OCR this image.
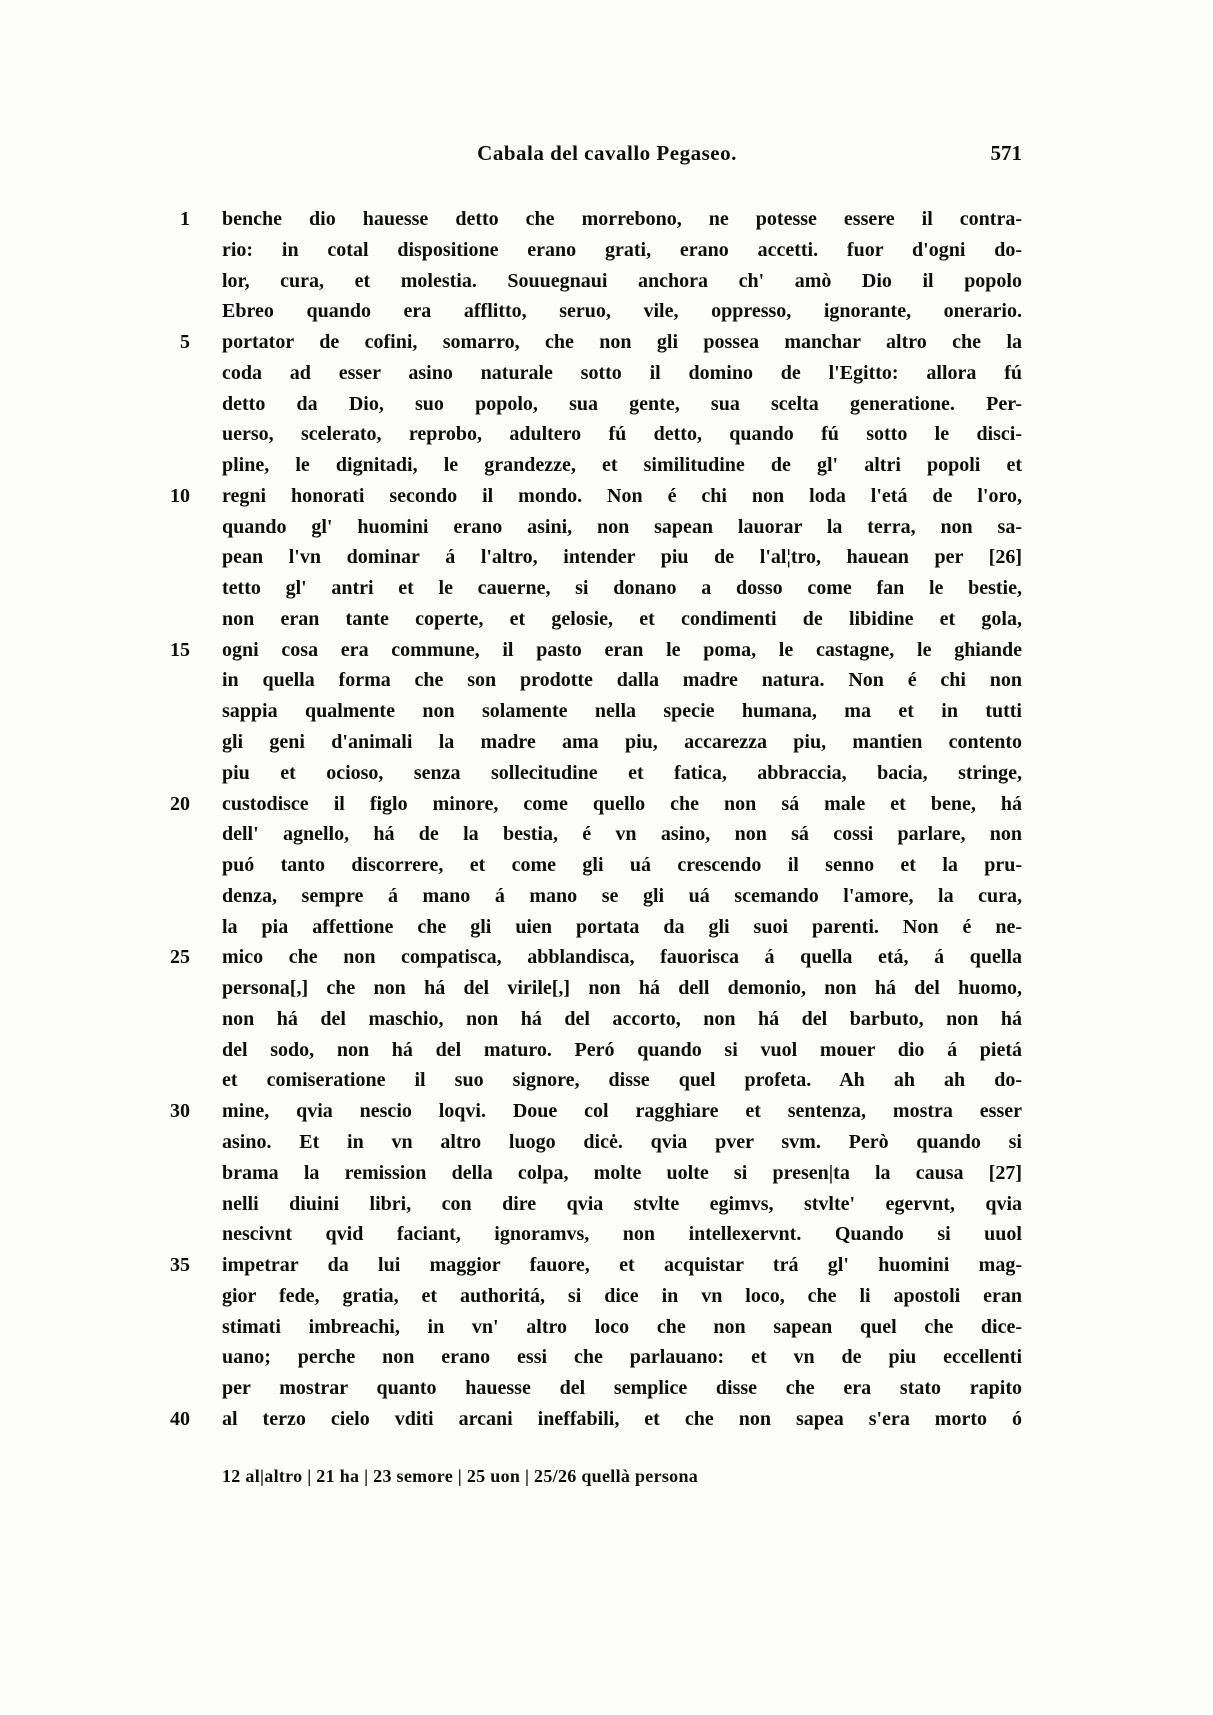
Cabala del cavallo Pegaseo.	571
1 benche dio hauesse detto che morrebono, ne potesse essere il contra-
rio: in cotal dispositione erano grati, erano accetti. fuor d'ogni do-
lor, cura, et molestia. Souuegnaui anchora ch' amò Dio il popolo
Ebreo quando era afflitto, seruo, vile, oppresso, ignorante, onerario.
5 portator de cofini, somarro, che non gli possea manchar altro che la
coda ad esser asino naturale sotto il domino de l'Egitto: allora fú
detto da Dio, suo popolo, sua gente, sua scelta generatione. Per-
uerso, scelerato, reprobo, adultero fú detto, quando fú sotto le disci-
pline, le dignitadi, le grandezze, et similitudine de gl' altri popoli et
10 regni honorati secondo il mondo. Non é chi non loda l'etá de l'oro,
quando gl' huomini erano asini, non sapean lauorar la terra, non sa-
pean l'vn dominar á l'altro, intender piu de l'al¦tro, hauean per [26]
tetto gl' antri et le cauerne, si donano a dosso come fan le bestie,
non eran tante coperte, et gelosie, et condimenti de libidine et gola,
15 ogni cosa era commune, il pasto eran le poma, le castagne, le ghiande
in quella forma che son prodotte dalla madre natura. Non é chi non
sappia qualmente non solamente nella specie humana, ma et in tutti
gli geni d'animali la madre ama piu, accarezza piu, mantien contento
piu et ocioso, senza sollecitudine et fatica, abbraccia, bacia, stringe,
20 custodisce il figlo minore, come quello che non sá male et bene, há
dell' agnello, há de la bestia, é vn asino, non sá cossi parlare, non
puó tanto discorrere, et come gli uá crescendo il senno et la pru-
denza, sempre á mano á mano se gli uá scemando l'amore, la cura,
la pia affettione che gli uien portata da gli suoi parenti. Non é ne-
25 mico che non compatisca, abblandisca, fauorisca á quella etá, á quella
persona[,] che non há del virile[,] non há dell demonio, non há del huomo,
non há del maschio, non há del accorto, non há del barbuto, non há
del sodo, non há del maturo. Peró quando si vuol mouer dio á pietá
et comiseratione il suo signore, disse quel profeta. Ah ah ah do-
30 mine, qvia nescio loqvi. Doue col ragghiare et sentenza, mostra esser
asino. Et in vn altro luogo dicė. qvia pver svm. Però quando si
brama la remission della colpa, molte uolte si presen|ta la causa [27]
nelli diuini libri, con dire qvia stvlte egimvs, stvlte' egervnt, qvia
nescivnt qvid faciant, ignoramvs, non intellexervnt. Quando si uuol
35 impetrar da lui maggior fauore, et acquistar trá gl' huomini mag-
gior fede, gratia, et authoritá, si dice in vn loco, che li apostoli eran
stimati imbreachi, in vn' altro loco che non sapean quel che dice-
uano; perche non erano essi che parlauano: et vn de piu eccellenti
per mostrar quanto hauesse del semplice disse che era stato rapito
40 al terzo cielo vditi arcani ineffabili, et che non sapea s'era morto ó
12 al|altro | 21 ha | 23 semore | 25 uon | 25/26 quellà persona
